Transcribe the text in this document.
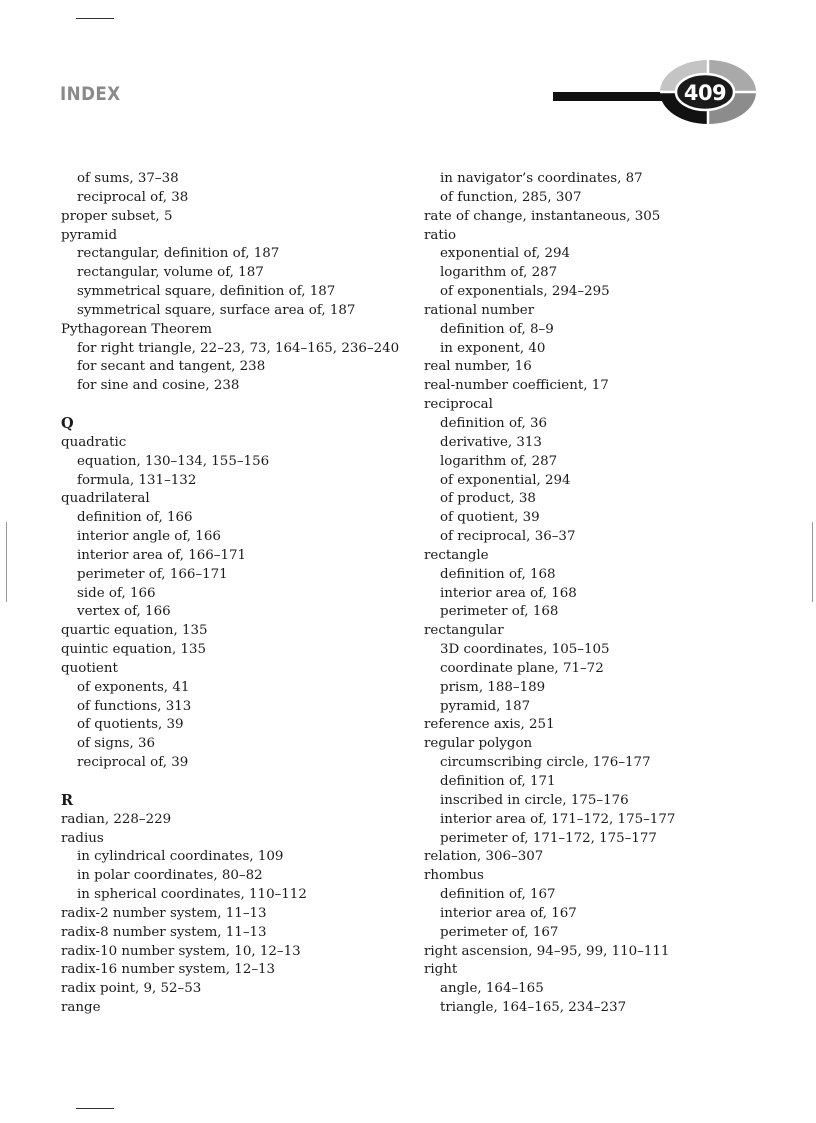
INDEX	409
of sums, 37–38
reciprocal of, 38
proper subset, 5
pyramid
rectangular, definition of, 187
rectangular, volume of, 187
symmetrical square, definition of, 187
symmetrical square, surface area of, 187
Pythagorean Theorem
for right triangle, 22–23, 73, 164–165, 236–240
for secant and tangent, 238
for sine and cosine, 238
Q
quadratic
equation, 130–134, 155–156
formula, 131–132
quadrilateral
definition of, 166
interior angle of, 166
interior area of, 166–171
perimeter of, 166–171
side of, 166
vertex of, 166
quartic equation, 135
quintic equation, 135
quotient
of exponents, 41
of functions, 313
of quotients, 39
of signs, 36
reciprocal of, 39
R
radian, 228–229
radius
in cylindrical coordinates, 109
in polar coordinates, 80–82
in spherical coordinates, 110–112
radix-2 number system, 11–13
radix-8 number system, 11–13
radix-10 number system, 10, 12–13
radix-16 number system, 12–13
radix point, 9, 52–53
range
in navigator’s coordinates, 87
of function, 285, 307
rate of change, instantaneous, 305
ratio
exponential of, 294
logarithm of, 287
of exponentials, 294–295
rational number
definition of, 8–9
in exponent, 40
real number, 16
real-number coefficient, 17
reciprocal
definition of, 36
derivative, 313
logarithm of, 287
of exponential, 294
of product, 38
of quotient, 39
of reciprocal, 36–37
rectangle
definition of, 168
interior area of, 168
perimeter of, 168
rectangular
3D coordinates, 105–105
coordinate plane, 71–72
prism, 188–189
pyramid, 187
reference axis, 251
regular polygon
circumscribing circle, 176–177
definition of, 171
inscribed in circle, 175–176
interior area of, 171–172, 175–177
perimeter of, 171–172, 175–177
relation, 306–307
rhombus
definition of, 167
interior area of, 167
perimeter of, 167
right ascension, 94–95, 99, 110–111
right
angle, 164–165
triangle, 164–165, 234–237
